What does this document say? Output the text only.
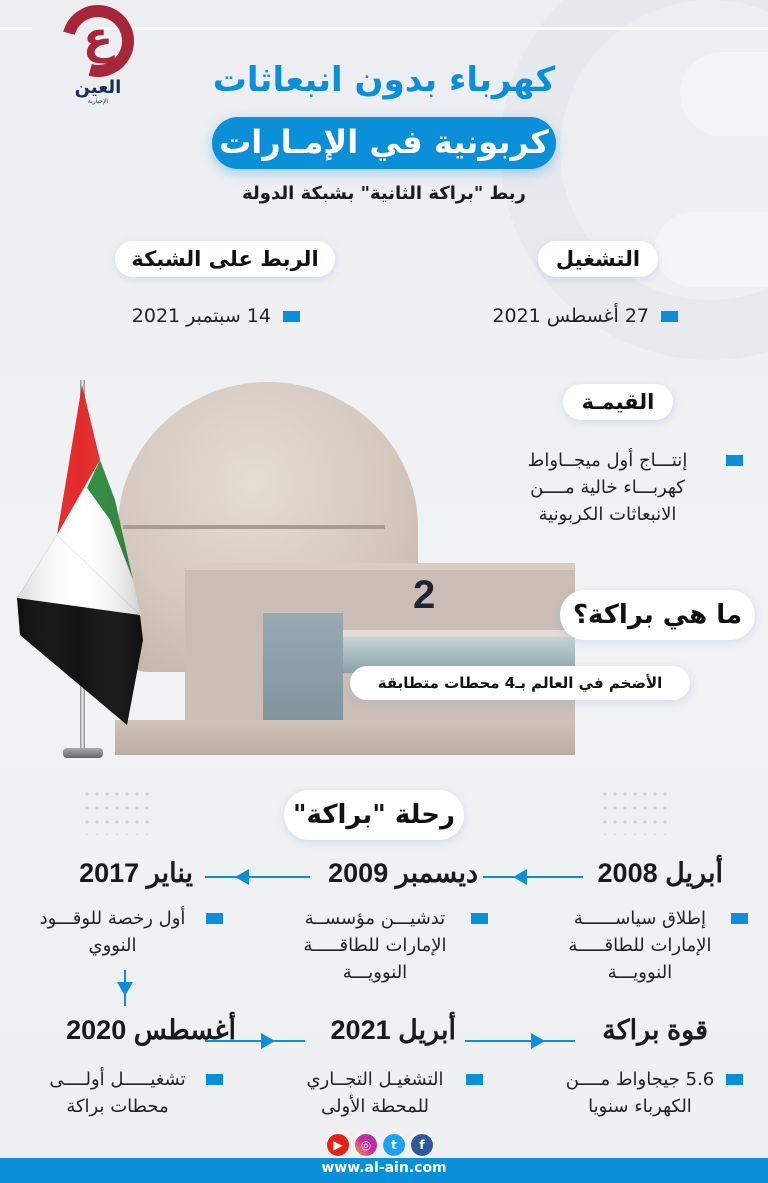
ع
العين
الإخبارية
كهرباء بدون انبعاثات
كربونية في الإمـارات
ربط "براكة الثانية" بشبكة الدولة
التشغيل
27 أغسطس 2021
الربط على الشبكة
14 سبتمبر 2021
2
القيمـة
إنتـــاج أول ميجــاواط
كهربـــاء خالية مــــن
الانبعاثات الكربونية
ما هي براكة؟
الأضخم في العالم بـ4 محطات متطابقة
رحلة "براكة"
أبريل 2008
ديسمبر 2009
يناير 2017
إطلاق سياســــــة
الإمارات للطاقـــــة
النوويـــة
تدشيـــن مؤسســة
الإمارات للطاقـــــة
النوويـــة
أول رخصة للوقـــود
النووي
قوة براكة
أبريل 2021
أغسطس 2020
5.6 جيجاواط مــــن
الكهرباء سنويا
التشغيـل التجــاري
للمحطة الأولى
تشغيـــــل أولــــى
محطات براكة
▶	◎	t	f
www.al-ain.com
